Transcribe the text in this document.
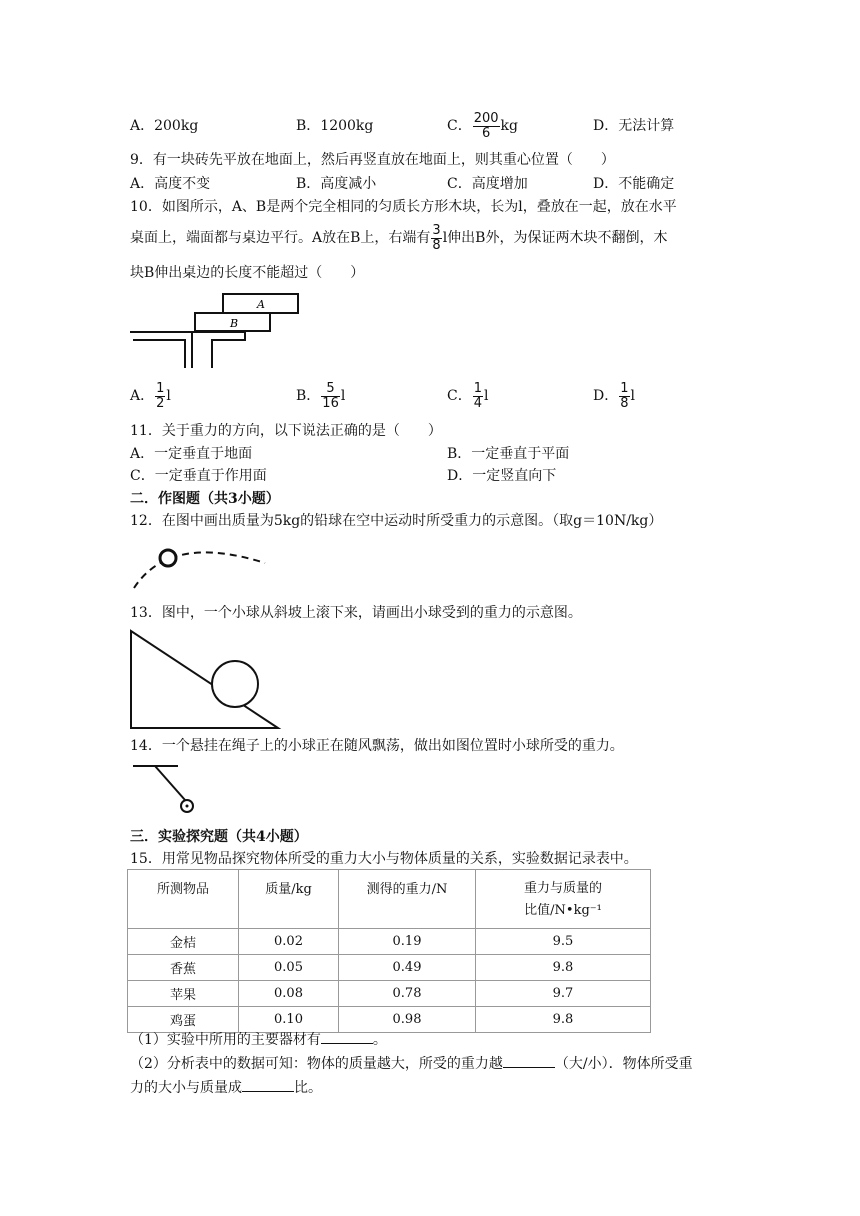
A．200kg	B．1200kg	C． $\frac{200}{6}$ kg	D．无法计算
9．有一块砖先平放在地面上，然后再竖直放在地面上，则其重心位置（　　）
A．高度不变	B．高度减小	C．高度增加	D．不能确定
10．如图所示，A、B是两个完全相同的匀质长方形木块，长为l，叠放在一起，放在水平
桌面上，端面都与桌边平行。A放在B上，右端有 $\frac{3}{8}$ l伸出B外，为保证两木块不翻倒，木
块B伸出桌边的长度不能超过（　　）
A
B
A． $\frac{1}{2}$ l	B． $\frac{5}{16}$ l	C． $\frac{1}{4}$ l	D． $\frac{1}{8}$ l
11．关于重力的方向，以下说法正确的是（　　）
A．一定垂直于地面	B．一定垂直于平面
C．一定垂直于作用面	D．一定竖直向下
二．作图题（共3小题）
12．在图中画出质量为5kg的铅球在空中运动时所受重力的示意图。（取g＝10N/kg）
13．图中，一个小球从斜坡上滚下来，请画出小球受到的重力的示意图。
14．一个悬挂在绳子上的小球正在随风飘荡，做出如图位置时小球所受的重力。
三．实验探究题（共4小题）
15．用常见物品探究物体所受的重力大小与物体质量的关系，实验数据记录表中。
所测物品	质量/kg	测得的重力/N	重力与质量的
比值/N•kg⁻¹

金桔	0.02	0.19	9.5
香蕉	0.05	0.49	9.8
苹果	0.08	0.78	9.7
鸡蛋	0.10	0.98	9.8
（1）实验中所用的主要器材有	。
（2）分析表中的数据可知：物体的质量越大，所受的重力越	（大/小）．物体所受重
力的大小与质量成	比。
